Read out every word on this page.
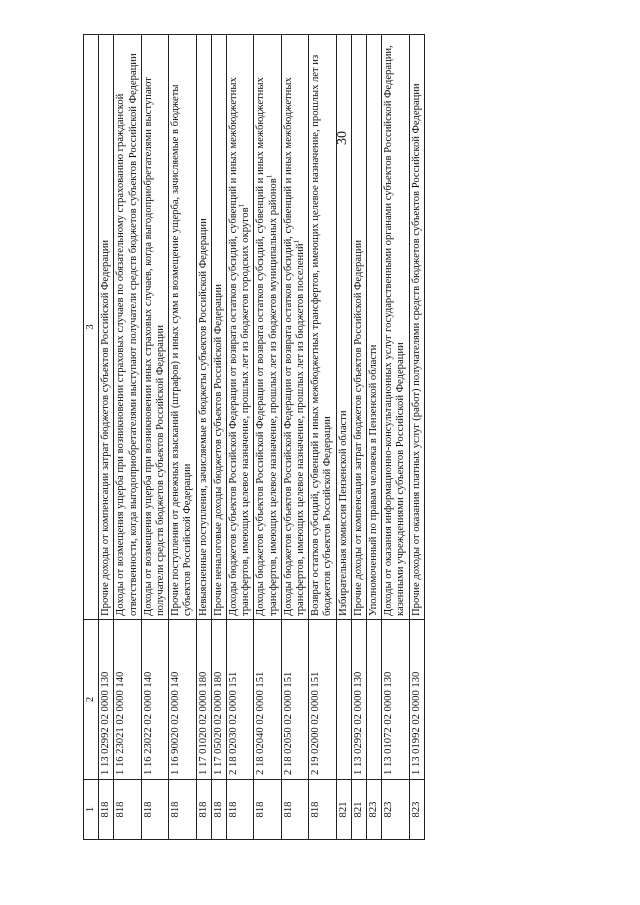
30
1	2	3
818	1 13 02992 02 0000 130	Прочие доходы от компенсации затрат бюджетов субъектов Российской Федерации
818	1 16 23021 02 0000 140	Доходы от возмещения ущерба при возникновении страховых случаев по обязательному страхованию гражданской ответственности, когда выгодоприобретателями выступают получатели средств бюджетов субъектов Российской Федерации
818	1 16 23022 02 0000 140	Доходы от возмещения ущерба при возникновении иных страховых случаев, когда выгодоприобретателями выступают получатели средств бюджетов субъектов Российской Федерации
818	1 16 90020 02 0000 140	Прочие поступления от денежных взысканий (штрафов) и иных сумм в возмещение ущерба, зачисляемые в бюджеты субъектов Российской Федерации
818	1 17 01020 02 0000 180	Невыясненные поступления, зачисляемые в бюджеты субъектов Российской Федерации
818	1 17 05020 02 0000 180	Прочие неналоговые доходы бюджетов субъектов Российской Федерации
818	2 18 02030 02 0000 151	Доходы бюджетов субъектов Российской Федерации от возврата остатков субсидий, субвенций и иных межбюджетных трансфертов, имеющих целевое назначение, прошлых лет из бюджетов городских округов$^1$
818	2 18 02040 02 0000 151	Доходы бюджетов субъектов Российской Федерации от возврата остатков субсидий, субвенций и иных межбюджетных трансфертов, имеющих целевое назначение, прошлых лет из бюджетов муниципальных районов$^1$
818	2 18 02050 02 0000 151	Доходы бюджетов субъектов Российской Федерации от возврата остатков субсидий, субвенций и иных межбюджетных трансфертов, имеющих целевое назначение, прошлых лет из бюджетов поселений$^1$
818	2 19 02000 02 0000 151	Возврат остатков субсидий, субвенций и иных межбюджетных трансфертов, имеющих целевое назначение, прошлых лет из бюджетов субъектов Российской Федерации
821		Избирательная комиссия Пензенской области
821	1 13 02992 02 0000 130	Прочие доходы от компенсации затрат бюджетов субъектов Российской Федерации
823		Уполномоченный по правам человека в Пензенской области
823	1 13 01072 02 0000 130	Доходы от оказания информационно-консультационных услуг государственными органами субъектов Российской Федерации, казенными учреждениями субъектов Российской Федерации
823	1 13 01992 02 0000 130	Прочие доходы от оказания платных услуг (работ) получателями средств бюджетов субъектов Российской Федерации
